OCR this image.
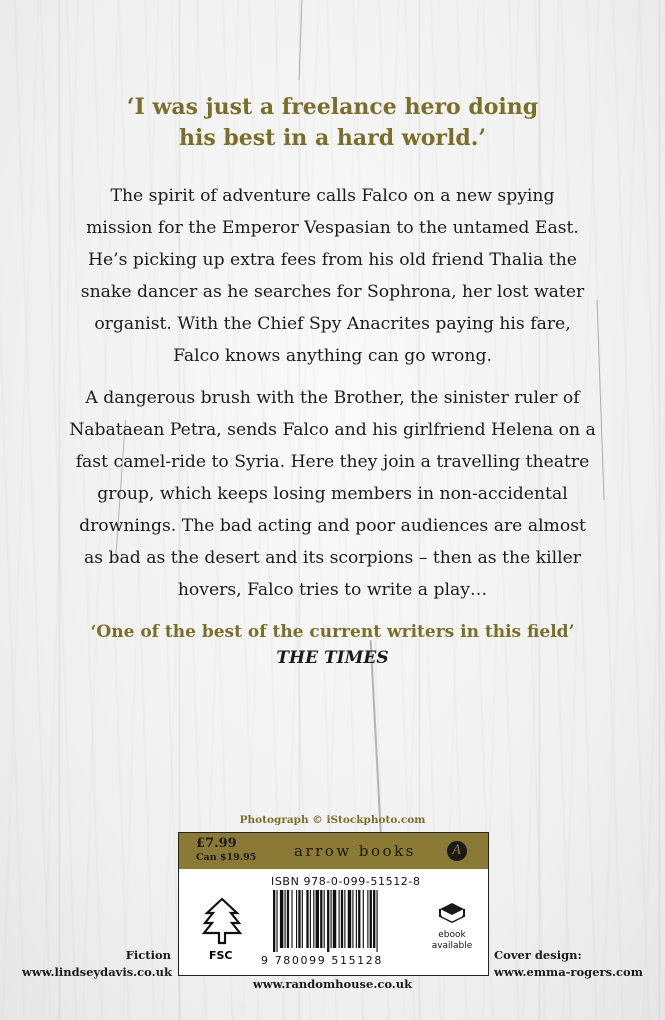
‘I was just a freelance hero doing
his best in a hard world.’
The spirit of adventure calls Falco on a new spying
mission for the Emperor Vespasian to the untamed East.
He’s picking up extra fees from his old friend Thalia the
snake dancer as he searches for Sophrona, her lost water
organist. With the Chief Spy Anacrites paying his fare,
Falco knows anything can go wrong.
A dangerous brush with the Brother, the sinister ruler of
Nabataean Petra, sends Falco and his girlfriend Helena on a
fast camel-ride to Syria. Here they join a travelling theatre
group, which keeps losing members in non-accidental
drownings. The bad acting and poor audiences are almost
as bad as the desert and its scorpions – then as the killer
hovers, Falco tries to write a play…
‘One of the best of the current writers in this field’
THE TIMES
Photograph © iStockphoto.com
£7.99
Can $19.95	arrow books	A
FSC
ISBN 978-0-099-51512-8
9 780099 515128
ebook
available
Fiction
www.lindseydavis.co.uk
www.randomhouse.co.uk
Cover design:
www.emma-rogers.com
